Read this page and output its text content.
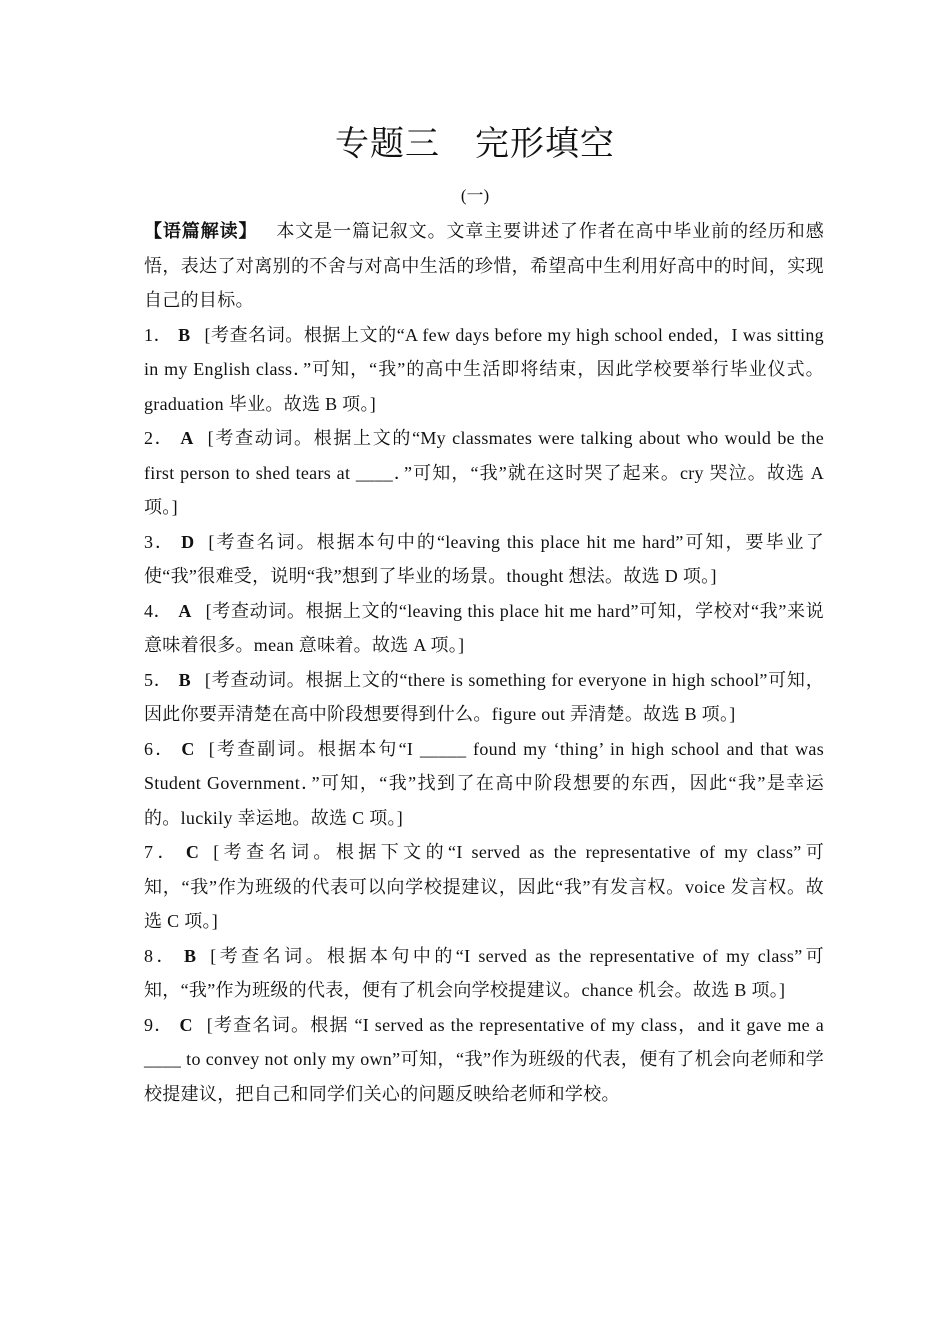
专题三　完形填空
(一)

【语篇解读】  本文是一篇记叙文。文章主要讲述了作者在高中毕业前的经历和感悟，表达了对离别的不舍与对高中生活的珍惜，希望高中生利用好高中的时间，实现自己的目标。

1． B [考查名词。根据上文的“A few days before my high school ended，I was sitting in my English class．”可知，“我”的高中生活即将结束，因此学校要举行毕业仪式。graduation 毕业。故选 B 项。]

2． A [考查动词。根据上文的“My classmates were talking about who would be the first person to shed tears at ____．”可知，“我”就在这时哭了起来。cry 哭泣。故选 A 项。]

3． D [考查名词。根据本句中的“leaving this place hit me hard”可知，要毕业了使“我”很难受，说明“我”想到了毕业的场景。thought 想法。故选 D 项。]

4． A [考查动词。根据上文的“leaving this place hit me hard”可知，学校对“我”来说意味着很多。mean 意味着。故选 A 项。]

5． B [考查动词。根据上文的“there is something for everyone in high school”可知，因此你要弄清楚在高中阶段想要得到什么。figure out 弄清楚。故选 B 项。]

6． C [考查副词。根据本句“I _____ found my ‘thing’ in high school and that was Student Government．”可知，“我”找到了在高中阶段想要的东西，因此“我”是幸运的。luckily 幸运地。故选 C 项。]

7． C [考查名词。根据下文的“I served as the representative of my class”可知，“我”作为班级的代表可以向学校提建议，因此“我”有发言权。voice 发言权。故选 C 项。]

8． B [考查名词。根据本句中的“I served as the representative of my class”可知，“我”作为班级的代表，便有了机会向学校提建议。chance 机会。故选 B 项。]

9． C [考查名词。根据 “I served as the representative of my class，and it gave me a ____ to convey not only my own”可知，“我”作为班级的代表，便有了机会向老师和学校提建议，把自己和同学们关心的问题反映给老师和学校。
